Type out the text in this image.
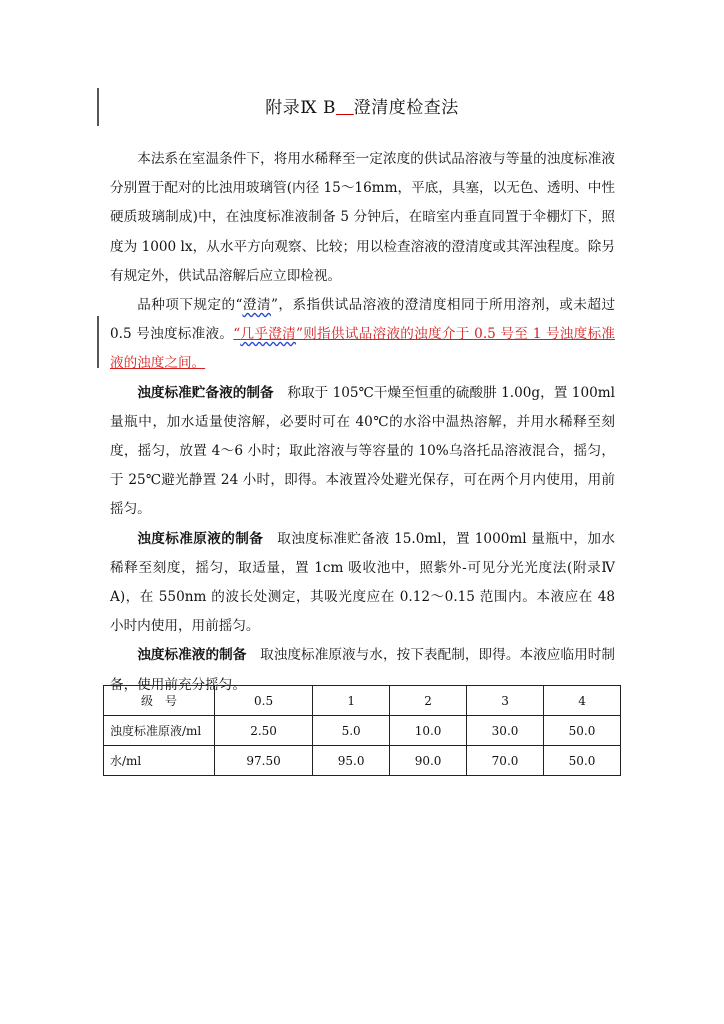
附录Ⅸ B 澄清度检查法

本法系在室温条件下，将用水稀释至一定浓度的供试品溶液与等量的浊度标准液分别置于配对的比浊用玻璃管(内径 15～16mm，平底，具塞，以无色、透明、中性硬质玻璃制成)中，在浊度标准液制备 5 分钟后，在暗室内垂直同置于伞棚灯下，照度为 1000 lx，从水平方向观察、比较；用以检查溶液的澄清度或其浑浊程度。除另有规定外，供试品溶解后应立即检视。

品种项下规定的“澄清”，系指供试品溶液的澄清度相同于所用溶剂，或未超过 0.5 号浊度标准液。“几乎澄清”则指供试品溶液的浊度介于 0.5 号至 1 号浊度标准液的浊度之间。

浊度标准贮备液的制备　称取于 105℃干燥至恒重的硫酸肼 1.00g，置 100ml 量瓶中，加水适量使溶解，必要时可在 40℃的水浴中温热溶解，并用水稀释至刻度，摇匀，放置 4～6 小时；取此溶液与等容量的 10%乌洛托品溶液混合，摇匀，于 25℃避光静置 24 小时，即得。本液置冷处避光保存，可在两个月内使用，用前摇匀。

浊度标准原液的制备　取浊度标准贮备液 15.0ml，置 1000ml 量瓶中，加水稀释至刻度，摇匀，取适量，置 1cm 吸收池中，照紫外-可见分光光度法(附录Ⅳ A)，在 550nm 的波长处测定，其吸光度应在 0.12～0.15 范围内。本液应在 48 小时内使用，用前摇匀。

浊度标准液的制备　取浊度标准原液与水，按下表配制，即得。本液应临用时制备，使用前充分摇匀。

级　号	0.5	1	2	3	4
浊度标准原液/ml	2.50	5.0	10.0	30.0	50.0
水/ml	97.50	95.0	90.0	70.0	50.0
